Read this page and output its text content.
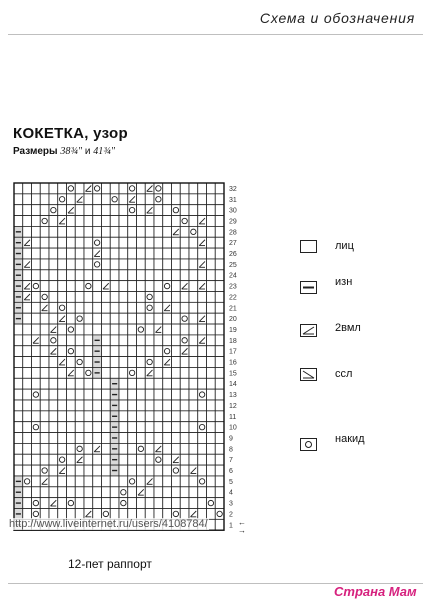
Схема и обозначения
КОКЕТКА, узор
Размеры 38¾" и 41¾"
32
31
30
29
28
27
26
25
24
23
22
21
20
19
18
17
16
15
14
13
12
11
10
9
8
7
6
5
4
3
2
1
http://www.liveinternet.ru/users/4108784/	←
→
12-пет раппорт
лиц
изн
2вмл
ссл
накид
Страна Мам
